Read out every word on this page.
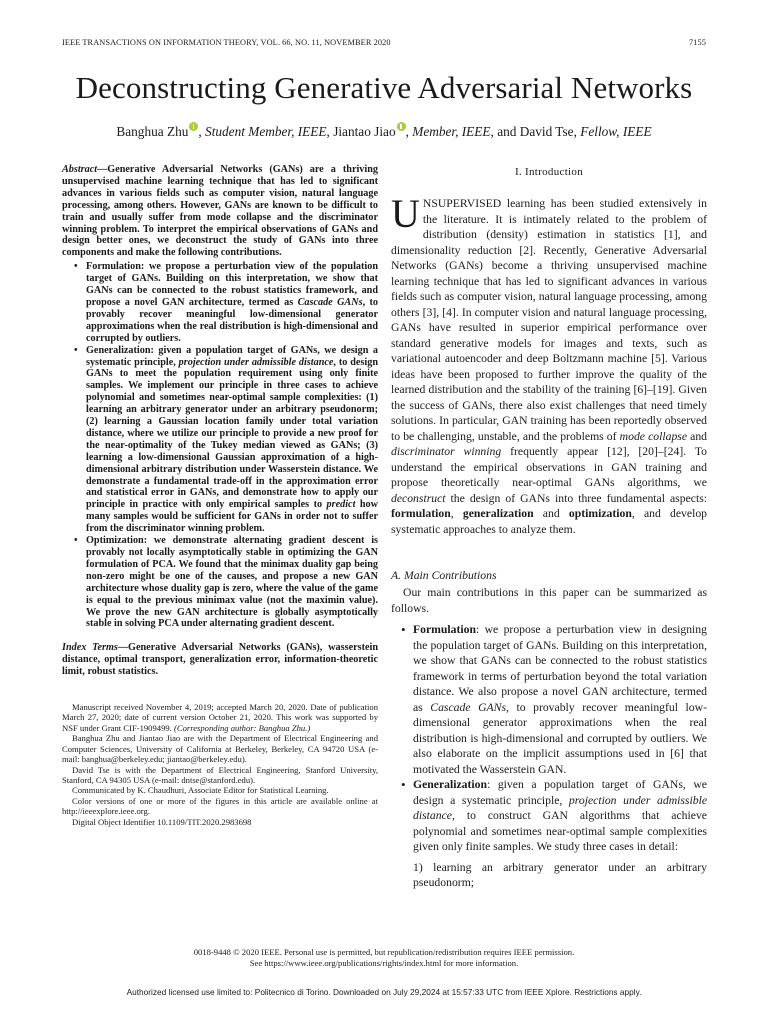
IEEE TRANSACTIONS ON INFORMATION THEORY, VOL. 66, NO. 11, NOVEMBER 2020	7155
Deconstructing Generative Adversarial Networks
Banghua Zhu , Student Member, IEEE, Jiantao Jiao , Member, IEEE, and David Tse, Fellow, IEEE
Abstract—Generative Adversarial Networks (GANs) are a thriving unsupervised machine learning technique that has led to significant advances in various fields such as computer vision, natural language processing, among others. However, GANs are known to be difficult to train and usually suffer from mode collapse and the discriminator winning problem. To interpret the empirical observations of GANs and design better ones, we deconstruct the study of GANs into three components and make the following contributions.
• Formulation: we propose a perturbation view of the population target of GANs. Building on this interpretation, we show that GANs can be connected to the robust statistics framework, and propose a novel GAN architecture, termed as Cascade GANs, to provably recover meaningful low-dimensional generator approximations when the real distribution is high-dimensional and corrupted by outliers.
• Generalization: given a population target of GANs, we design a systematic principle, projection under admissible distance, to design GANs to meet the population requirement using only finite samples. We implement our principle in three cases to achieve polynomial and sometimes near-optimal sample complexities: (1) learning an arbitrary generator under an arbitrary pseudonorm; (2) learning a Gaussian location family under total variation distance, where we utilize our principle to provide a new proof for the near-optimality of the Tukey median viewed as GANs; (3) learning a low-dimensional Gaussian approximation of a high-dimensional arbitrary distribution under Wasserstein distance. We demonstrate a fundamental trade-off in the approximation error and statistical error in GANs, and demonstrate how to apply our principle in practice with only empirical samples to predict how many samples would be sufficient for GANs in order not to suffer from the discriminator winning problem.
• Optimization: we demonstrate alternating gradient descent is provably not locally asymptotically stable in optimizing the GAN formulation of PCA. We found that the minimax duality gap being non-zero might be one of the causes, and propose a new GAN architecture whose duality gap is zero, where the value of the game is equal to the previous minimax value (not the maximin value). We prove the new GAN architecture is globally asymptotically stable in solving PCA under alternating gradient descent.
Index Terms—Generative Adversarial Networks (GANs), wasserstein distance, optimal transport, generalization error, information-theoretic limit, robust statistics.

Manuscript received November 4, 2019; accepted March 20, 2020. Date of publication March 27, 2020; date of current version October 21, 2020. This work was supported by NSF under Grant CIF-1909499. (Corresponding author: Banghua Zhu.)

Banghua Zhu and Jiantao Jiao are with the Department of Electrical Engineering and Computer Sciences, University of California at Berkeley, Berkeley, CA 94720 USA (e-mail: banghua@berkeley.edu; jiantao@berkeley.edu).

David Tse is with the Department of Electrical Engineering, Stanford University, Stanford, CA 94305 USA (e-mail: dntse@stanford.edu).

Communicated by K. Chaudhuri, Associate Editor for Statistical Learning.

Color versions of one or more of the figures in this article are available online at http://ieeexplore.ieee.org.

Digital Object Identifier 10.1109/TIT.2020.2983698

I. Introduction

UNSUPERVISED learning has been studied extensively in the literature. It is intimately related to the problem of distribution (density) estimation in statistics [1], and dimensionality reduction [2]. Recently, Generative Adversarial Networks (GANs) become a thriving unsupervised machine learning technique that has led to significant advances in various fields such as computer vision, natural language processing, among others [3], [4]. In computer vision and natural language processing, GANs have resulted in superior empirical performance over standard generative models for images and texts, such as variational autoencoder and deep Boltzmann machine [5]. Various ideas have been proposed to further improve the quality of the learned distribution and the stability of the training [6]–[19]. Given the success of GANs, there also exist challenges that need timely solutions. In particular, GAN training has been reportedly observed to be challenging, unstable, and the problems of mode collapse and discriminator winning frequently appear [12], [20]–[24]. To understand the empirical observations in GAN training and propose theoretically near-optimal GANs algorithms, we deconstruct the design of GANs into three fundamental aspects: formulation, generalization and optimization, and develop systematic approaches to analyze them.

A. Main Contributions

Our main contributions in this paper can be summarized as follows.

• Formulation: we propose a perturbation view in designing the population target of GANs. Building on this interpretation, we show that GANs can be connected to the robust statistics framework in terms of perturbation beyond the total variation distance. We also propose a novel GAN architecture, termed as Cascade GANs, to provably recover meaningful low-dimensional generator approximations when the real distribution is high-dimensional and corrupted by outliers. We also elaborate on the implicit assumptions used in [6] that motivated the Wasserstein GAN.
• Generalization: given a population target of GANs, we design a systematic principle, projection under admissible distance, to construct GAN algorithms that achieve polynomial and sometimes near-optimal sample complexities given only finite samples. We study three cases in detail:

1) learning an arbitrary generator under an arbitrary pseudonorm;

0018-9448 © 2020 IEEE. Personal use is permitted, but republication/redistribution requires IEEE permission.
See https://www.ieee.org/publications/rights/index.html for more information.
Authorized licensed use limited to: Politecnico di Torino. Downloaded on July 29,2024 at 15:57:33 UTC from IEEE Xplore. Restrictions apply.
